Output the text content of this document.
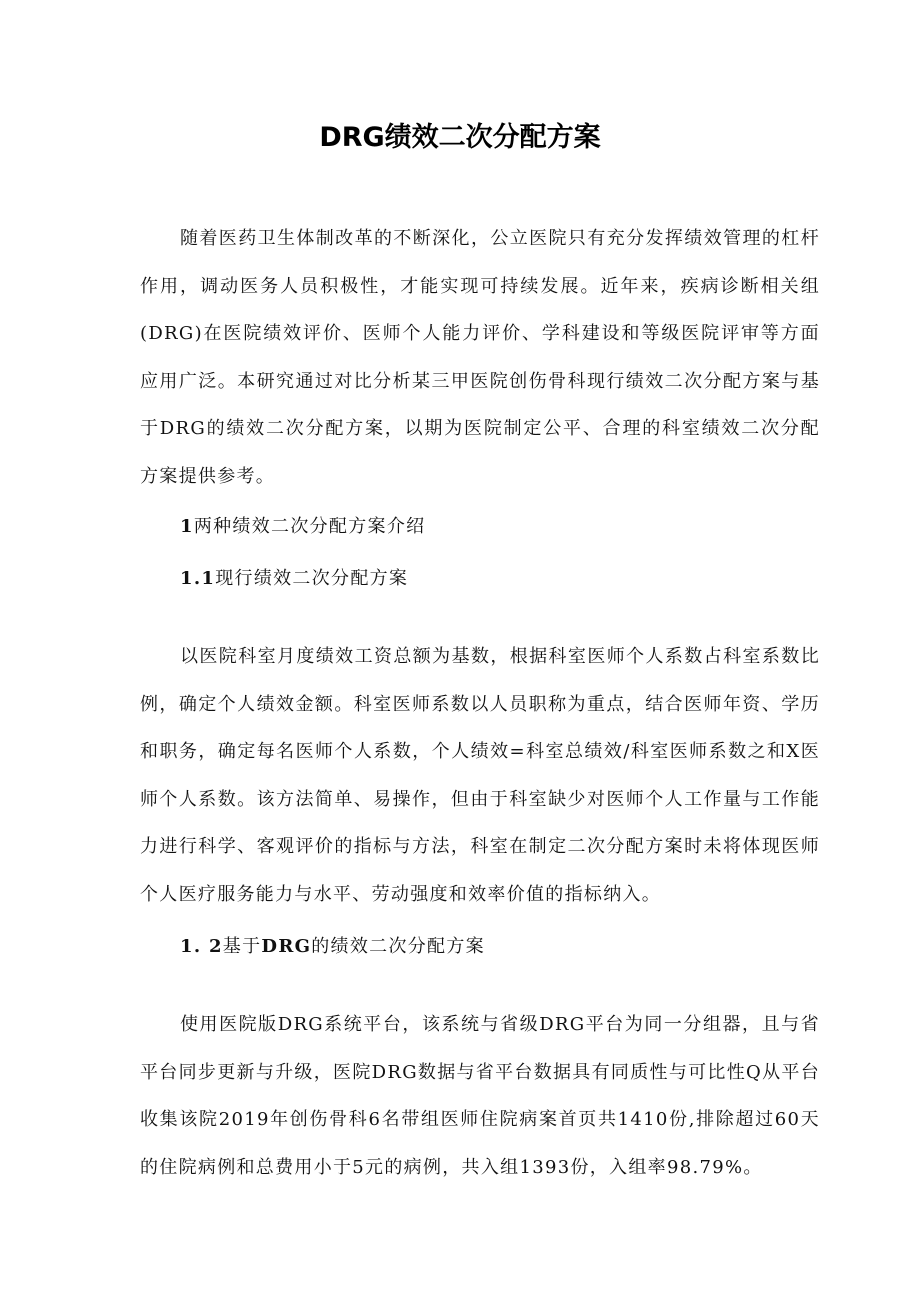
DRG绩效二次分配方案

随着医药卫生体制改革的不断深化，公立医院只有充分发挥绩效管理的杠杆作用，调动医务人员积极性，才能实现可持续发展。近年来，疾病诊断相关组(DRG)在医院绩效评价、医师个人能力评价、学科建设和等级医院评审等方面应用广泛。本研究通过对比分析某三甲医院创伤骨科现行绩效二次分配方案与基于DRG的绩效二次分配方案，以期为医院制定公平、合理的科室绩效二次分配方案提供参考。

1两种绩效二次分配方案介绍
1.1现行绩效二次分配方案

以医院科室月度绩效工资总额为基数，根据科室医师个人系数占科室系数比例，确定个人绩效金额。科室医师系数以人员职称为重点，结合医师年资、学历和职务，确定每名医师个人系数，个人绩效=科室总绩效/科室医师系数之和X医师个人系数。该方法简单、易操作，但由于科室缺少对医师个人工作量与工作能力进行科学、客观评价的指标与方法，科室在制定二次分配方案时未将体现医师个人医疗服务能力与水平、劳动强度和效率价值的指标纳入。

1. 2基于DRG的绩效二次分配方案

使用医院版DRG系统平台，该系统与省级DRG平台为同一分组器，且与省平台同步更新与升级，医院DRG数据与省平台数据具有同质性与可比性Q从平台收集该院2019年创伤骨科6名带组医师住院病案首页共1410份,排除超过60天的住院病例和总费用小于5元的病例，共入组1393份，入组率98.79%。
